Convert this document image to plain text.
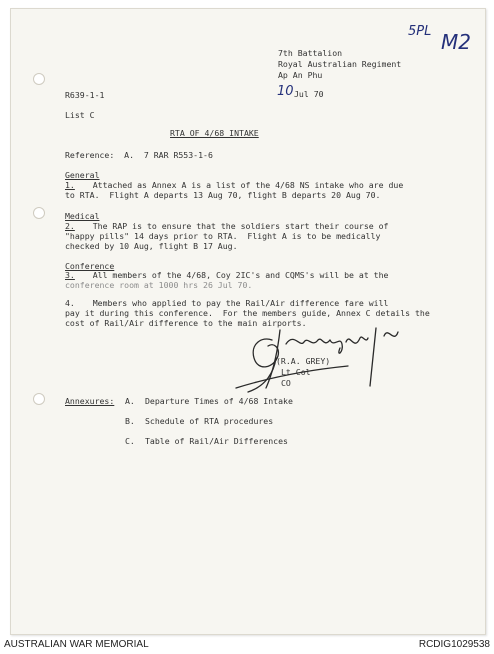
5PL M2
7th Battalion
Royal Australian Regiment
Ap An Phu
10 Jul 70
R639-1-1
List C
RTA OF 4/68 INTAKE
Reference:  A.  7 RAR R553-1-6
General
1.
Attached as Annex A is a list of the 4/68 NS intake who are due
to RTA.  Flight A departs 13 Aug 70, flight B departs 20 Aug 70.
Medical
2.
The RAP is to ensure that the soldiers start their course of
"happy pills" 14 days prior to RTA.  Flight A is to be medically
checked by 10 Aug, flight B 17 Aug.
Conference
3.
All members of the 4/68, Coy 2IC's and CQMS's will be at the
conference room at 1000 hrs 26 Jul 70.
4.
Members who applied to pay the Rail/Air difference fare will
pay it during this conference.  For the members guide, Annex C details the
cost of Rail/Air difference to the main airports.
(R.A. GREY)
Lt Col
CO
Annexures: A. Departure Times of 4/68 Intake
B. Schedule of RTA procedures
C. Table of Rail/Air Differences
AUSTRALIAN WAR MEMORIAL	RCDIG1029538
